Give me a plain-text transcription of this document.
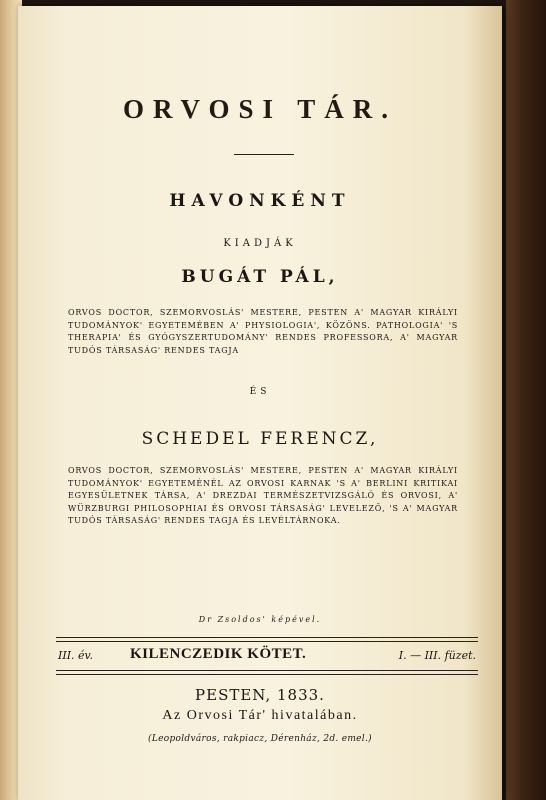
ORVOSI TÁR.
HAVONKÉNT
KIADJÁK
BUGÁT PÁL,
ORVOS DOCTOR, SZEMORVOSLÁS' MESTERE, PESTEN A' MAGYAR KIRÁLYI TUDOMÁNYOK' EGYETEMÉBEN A' PHYSIOLOGIA', KÖZÖNS. PATHOLOGIA' 'S THERAPIA' ÉS GYÓGYSZERTUDOMÁNY' RENDES PROFESSORA, A' MAGYAR TUDÓS TÁRSASÁG' RENDES TAGJA
ÉS
SCHEDEL FERENCZ,
ORVOS DOCTOR, SZEMORVOSLÁS' MESTERE, PESTEN A' MAGYAR KIRÁLYI TUDOMÁNYOK' EGYETEMÉNÉL AZ ORVOSI KARNAK 'S A' BERLINI KRITIKAI EGYESÜLETNEK TÁRSA, A' DREZDAI TERMÉSZETVIZSGÁLÓ ÉS ORVOSI, A' WÜRZBURGI PHILOSOPHIAI ÉS ORVOSI TÁRSASÁG' LEVELEZŐ, 'S A' MAGYAR TUDÓS TÁRSASÁG' RENDES TAGJA ÉS LEVÉLTÁRNOKA.
Dr Zsoldos' képével.
III. év. KILENCZEDIK KÖTET.	I. — III. füzet.
PESTEN, 1833.
Az Orvosi Tár' hivatalában.
(Leopoldváros, rakpiacz, Dérenház, 2d. emel.)
